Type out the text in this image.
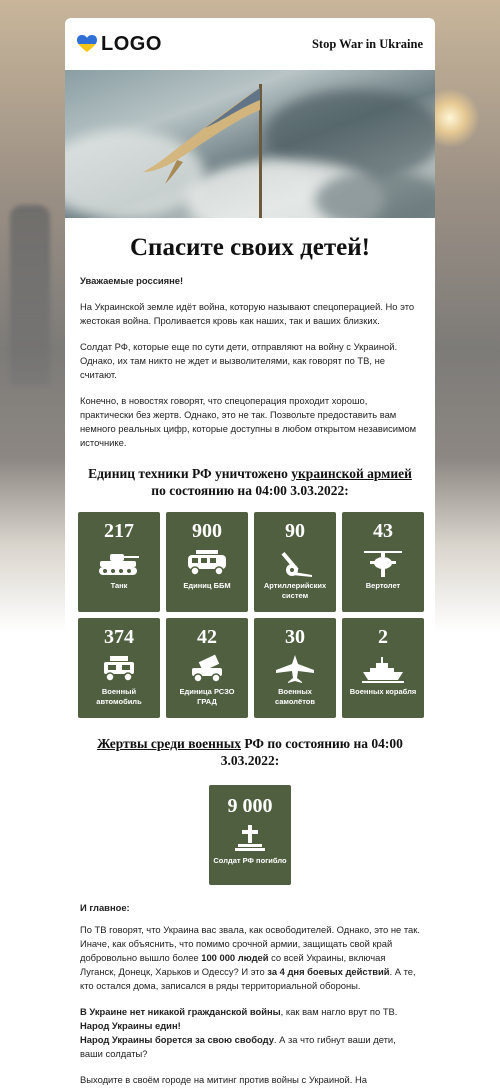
LOGO	Stop War in Ukraine
Спасите своих детей!
Уважаемые россияне!
На Украинской земле идёт война, которую называют спецоперацией. Но это жестокая война. Проливается кровь как наших, так и ваших близких.
Солдат РФ, которые еще по сути дети, отправляют на войну с Украиной. Однако, их там никто не ждет и вызволителями, как говорят по ТВ, не считают.
Конечно, в новостях говорят, что спецоперация проходит хорошо, практически без жертв. Однако, это не так. Позвольте предоставить вам немного реальных цифр, которые доступны в любом открытом независимом источнике.
Единиц техники РФ уничтожено украинской армией по состоянию на 04:00 3.03.2022:
217
Танк
900
Единиц ББМ
90
Артиллерийских систем
43
Вертолет
374
Военный автомобиль
42
Единица РСЗО ГРАД
30
Военных самолётов
2
Военных корабля
Жертвы среди военных РФ по состоянию на 04:00 3.03.2022:
9 000
Солдат РФ погибло
И главное:
По ТВ говорят, что Украина вас звала, как освободителей. Однако, это не так. Иначе, как объяснить, что помимо срочной армии, защищать свой край добровольно вышло более 100 000 людей со всей Украины, включая Луганск, Донецк, Харьков и Одессу? И это за 4 дня боевых действий. А те, кто остался дома, записался в ряды территориальной обороны.
В Украине нет никакой гражданской войны, как вам нагло врут по ТВ.
Народ Украины един!
Народ Украины борется за свою свободу. А за что гибнут ваши дети, ваши солдаты?
Выходите в своём городе на митинг против войны с Украиной. На
